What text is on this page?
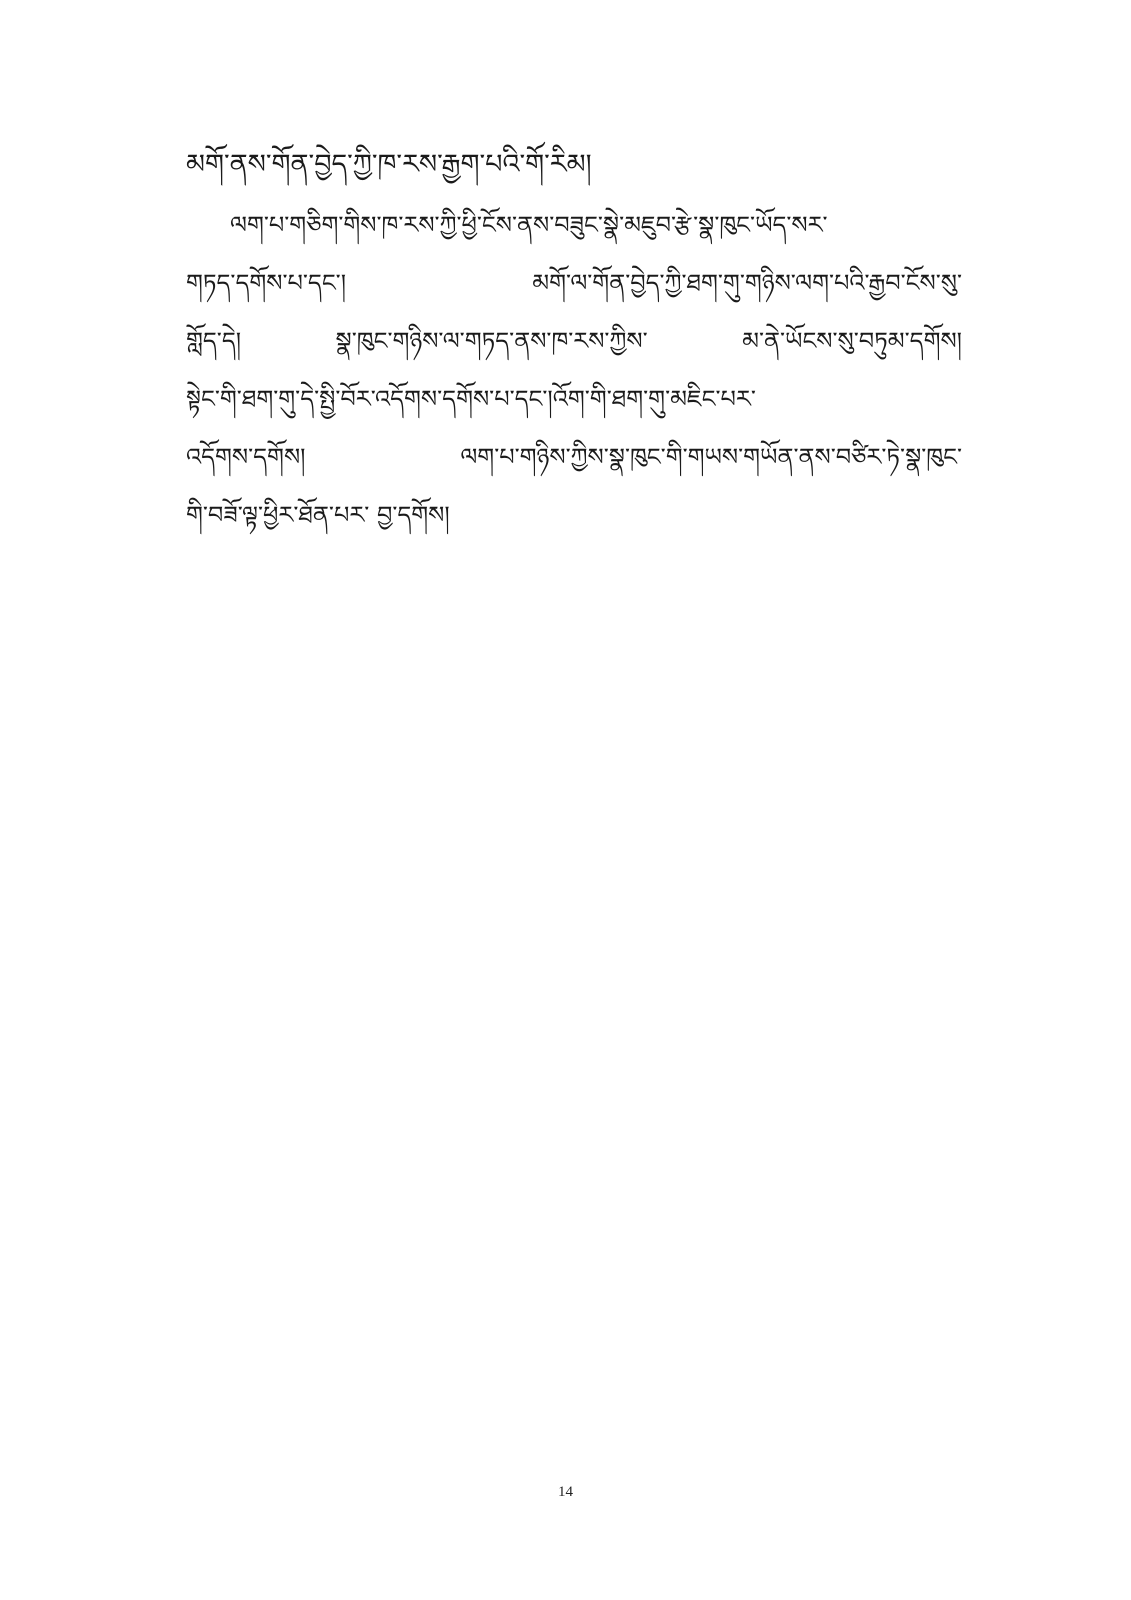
མགོ་ནས་གོན་བྱེད་ཀྱི་ཁ་རས་རྒྱག་པའི་གོ་རིམ།
ལག་པ་གཅིག་གིས་ཁ་རས་ཀྱི་ཕྱི་ངོས་ནས་བཟུང་སྣེ་མཇུབ་རྩེ་སྣ་ཁུང་ཡོད་སར་
གཏད་དགོས་པ་དང་། མགོ་ལ་གོན་བྱེད་ཀྱི་ཐག་གུ་གཉིས་ལག་པའི་རྒྱབ་ངོས་སུ་
གློད་དེ། སྣ་ཁུང་གཉིས་ལ་གཏད་ནས་ཁ་རས་ཀྱིས་ མ་ནེ་ཡོངས་སུ་བཏུམ་དགོས།
སྟེང་གི་ཐག་གུ་དེ་སྤྱི་བོར་འདོགས་དགོས་པ་དང་།འོག་གི་ཐག་གུ་མཇིང་པར་
འདོགས་དགོས། ལག་པ་གཉིས་ཀྱིས་སྣ་ཁུང་གི་གཡས་གཡོན་ནས་བཙིར་ཏེ་སྣ་ཁུང་
གི་བཟོ་ལྟ་ཕྱིར་ཐོན་པར་ བྱ་དགོས།
14
